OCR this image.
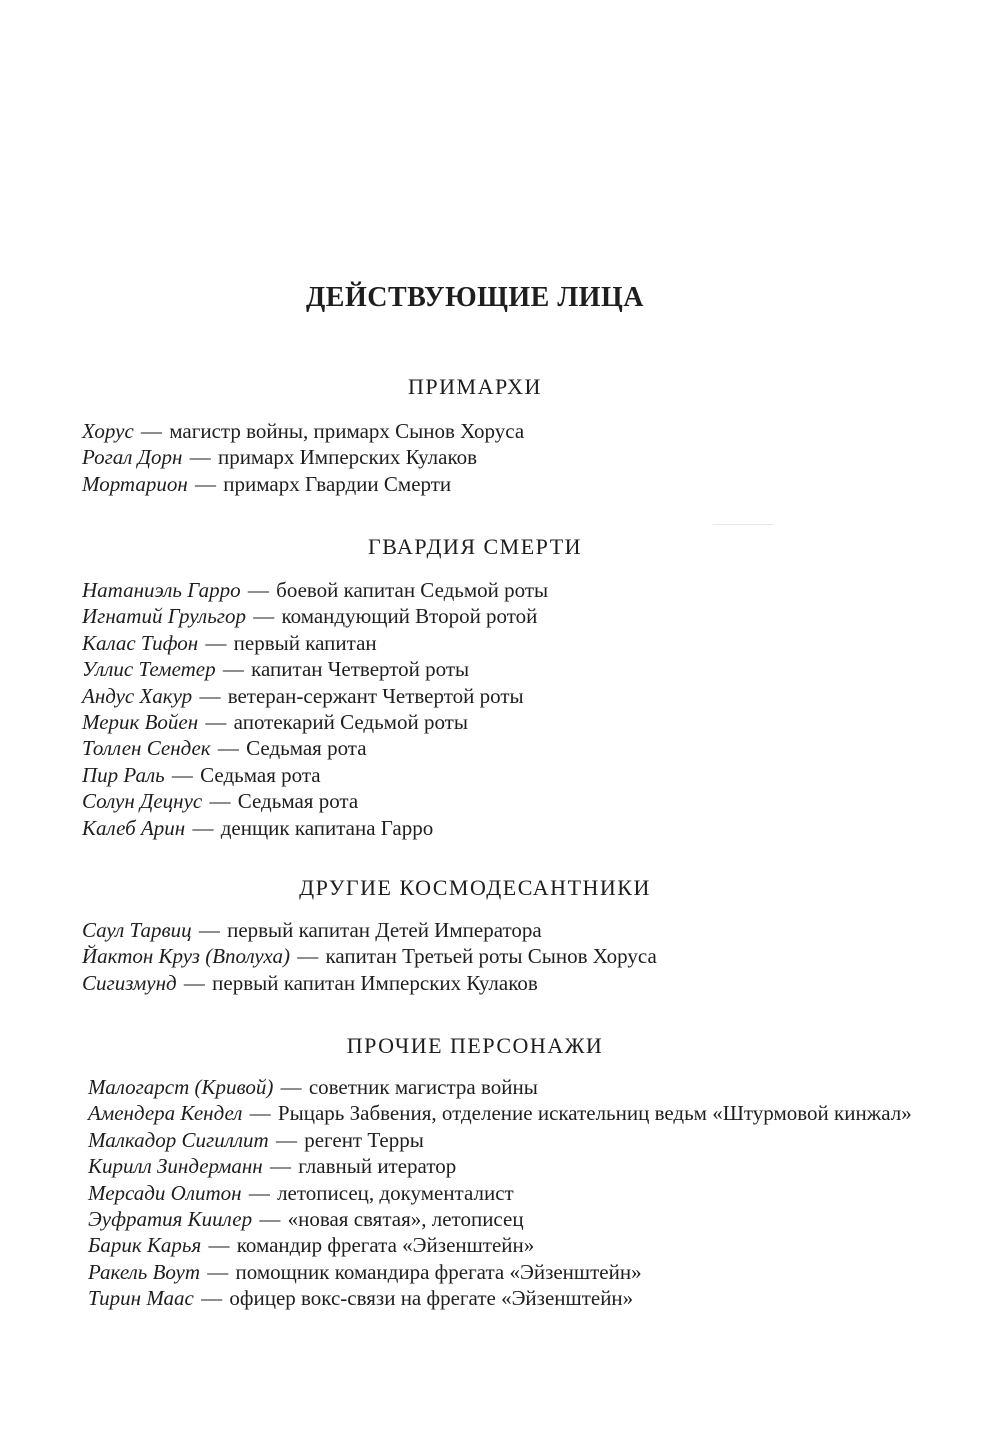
ДЕЙСТВУЮЩИЕ ЛИЦА
ПРИМАРХИ
Хорус — магистр войны, примарх Сынов Хоруса
Рогал Дорн — примарх Имперских Кулаков
Мортарион — примарх Гвардии Смерти
ГВАРДИЯ СМЕРТИ
Натаниэль Гарро — боевой капитан Седьмой роты
Игнатий Грульгор — командующий Второй ротой
Калас Тифон — первый капитан
Уллис Теметер — капитан Четвертой роты
Андус Хакур — ветеран-сержант Четвертой роты
Мерик Войен — апотекарий Седьмой роты
Толлен Сендек — Седьмая рота
Пир Раль — Седьмая рота
Солун Децнус — Седьмая рота
Калеб Арин — денщик капитана Гарро
ДРУГИЕ КОСМОДЕСАНТНИКИ
Саул Тарвиц — первый капитан Детей Императора
Йактон Круз (Вполуха) — капитан Третьей роты Сынов Хоруса
Сигизмунд — первый капитан Имперских Кулаков
ПРОЧИЕ ПЕРСОНАЖИ
Малогарст (Кривой) — советник магистра войны
Амендера Кендел — Рыцарь Забвения, отделение искательниц ведьм «Штурмовой кинжал»
Малкадор Сигиллит — регент Терры
Кирилл Зиндерманн — главный итератор
Мерсади Олитон — летописец, документалист
Эуфратия Киилер — «новая святая», летописец
Барик Карья — командир фрегата «Эйзенштейн»
Ракель Воут — помощник командира фрегата «Эйзенштейн»
Тирин Маас — офицер вокс-связи на фрегате «Эйзенштейн»
